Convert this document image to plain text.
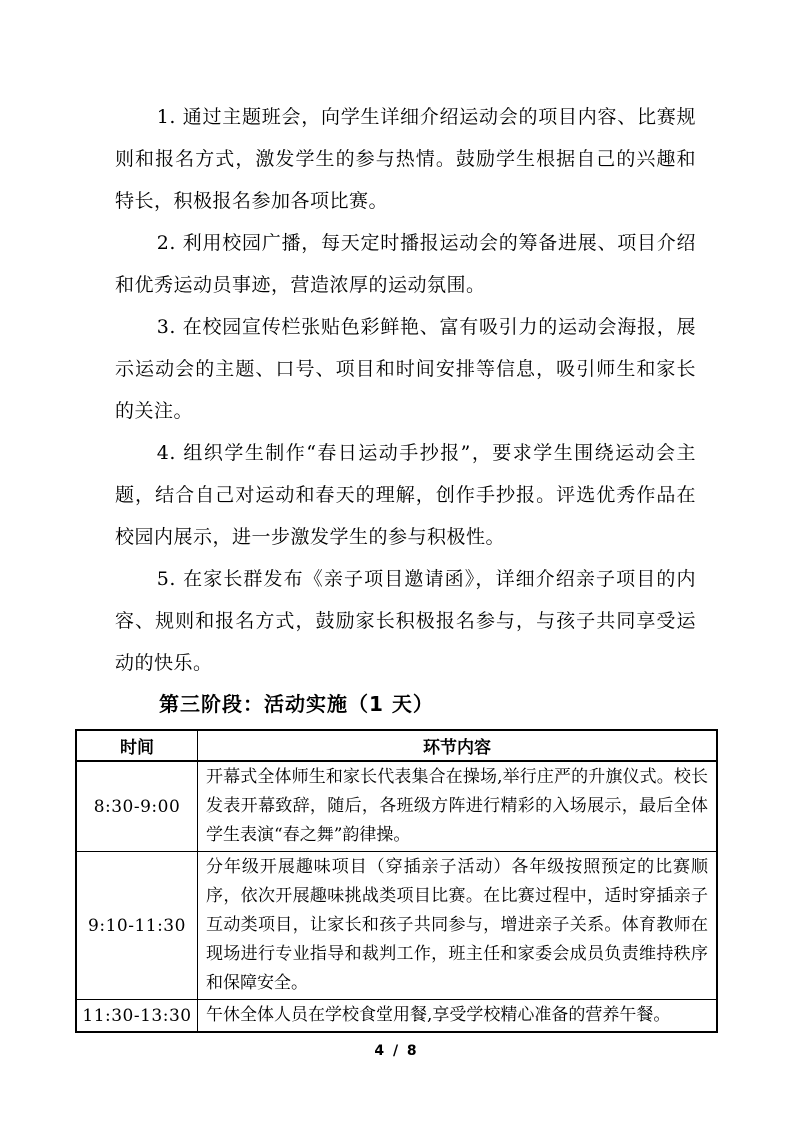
1. 通过主题班会，向学生详细介绍运动会的项目内容、比赛规则和报名方式，激发学生的参与热情。鼓励学生根据自己的兴趣和特长，积极报名参加各项比赛。

2. 利用校园广播，每天定时播报运动会的筹备进展、项目介绍和优秀运动员事迹，营造浓厚的运动氛围。

3. 在校园宣传栏张贴色彩鲜艳、富有吸引力的运动会海报，展示运动会的主题、口号、项目和时间安排等信息，吸引师生和家长的关注。

4. 组织学生制作“春日运动手抄报”，要求学生围绕运动会主题，结合自己对运动和春天的理解，创作手抄报。评选优秀作品在校园内展示，进一步激发学生的参与积极性。

5. 在家长群发布《亲子项目邀请函》，详细介绍亲子项目的内容、规则和报名方式，鼓励家长积极报名参与，与孩子共同享受运动的快乐。

第三阶段：活动实施（1 天）
时间	环节内容
8:30-9:00	开幕式全体师生和家长代表集合在操场,举行庄严的升旗仪式。校长发表开幕致辞，随后，各班级方阵进行精彩的入场展示，最后全体学生表演“春之舞”韵律操。
9:10-11:30	分年级开展趣味项目（穿插亲子活动）各年级按照预定的比赛顺序，依次开展趣味挑战类项目比赛。在比赛过程中，适时穿插亲子互动类项目，让家长和孩子共同参与，增进亲子关系。体育教师在现场进行专业指导和裁判工作，班主任和家委会成员负责维持秩序和保障安全。
11:30-13:30	午休全体人员在学校食堂用餐,享受学校精心准备的营养午餐。
4 / 8
